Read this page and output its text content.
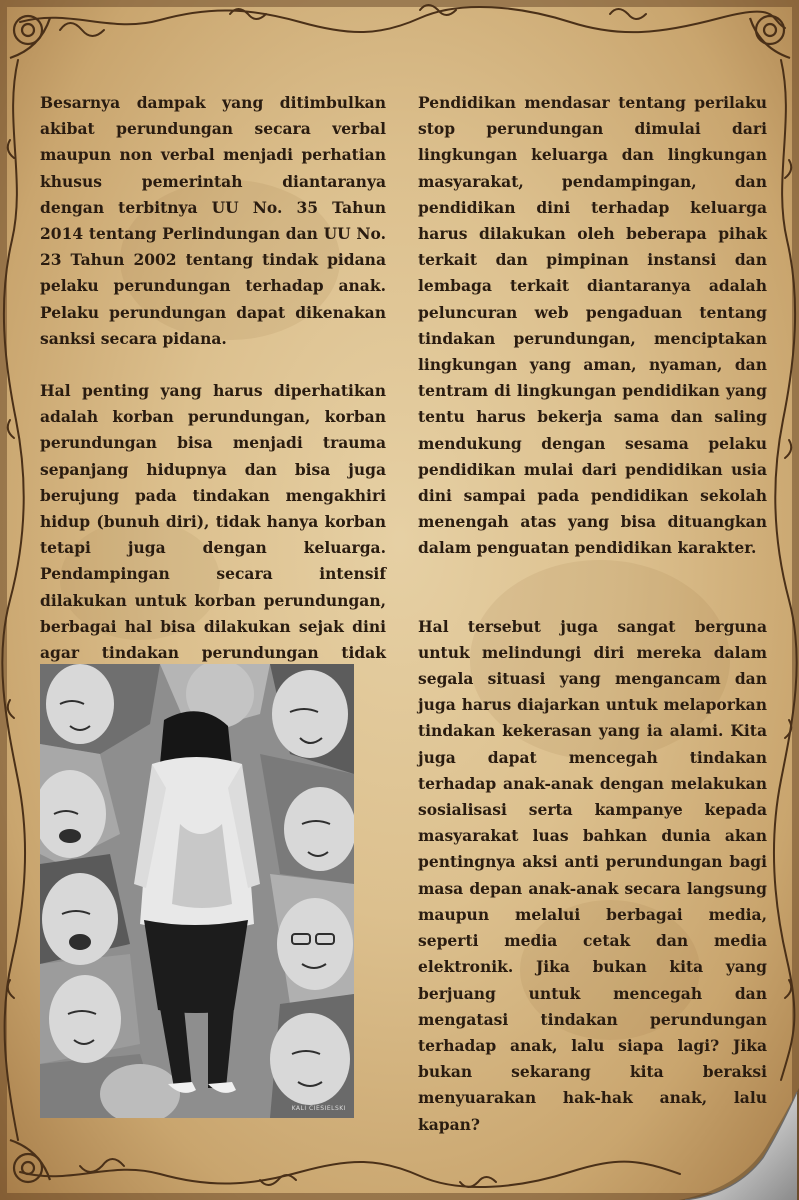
Besarnya dampak yang ditimbulkan akibat perundungan secara verbal maupun non verbal menjadi perhatian khusus pemerintah diantaranya dengan terbitnya UU No. 35 Tahun 2014 tentang Perlindungan dan UU No. 23 Tahun 2002 tentang tindak pidana pelaku perundungan terhadap anak. Pelaku perundungan dapat dikenakan sanksi secara pidana.

Hal penting yang harus diperhatikan adalah korban perundungan, korban perundungan bisa menjadi trauma sepanjang hidupnya dan bisa juga berujung pada tindakan mengakhiri hidup (bunuh diri), tidak hanya korban tetapi juga dengan keluarga. Pendampingan secara intensif dilakukan untuk korban perundungan, berbagai hal bisa dilakukan sejak dini agar tindakan perundungan tidak

Pendidikan mendasar tentang perilaku stop perundungan dimulai dari lingkungan keluarga dan lingkungan masyarakat, pendampingan, dan pendidikan dini terhadap keluarga harus dilakukan oleh beberapa pihak terkait dan pimpinan instansi dan lembaga terkait diantaranya adalah peluncuran web pengaduan tentang tindakan perundungan, menciptakan lingkungan yang aman, nyaman, dan tentram di lingkungan pendidikan yang tentu harus bekerja sama dan saling mendukung dengan sesama pelaku pendidikan mulai dari pendidikan usia dini sampai pada pendidikan sekolah menengah atas yang bisa dituangkan dalam penguatan pendidikan karakter.

Hal tersebut juga sangat berguna untuk melindungi diri mereka dalam segala situasi yang mengancam dan juga harus diajarkan untuk melaporkan tindakan kekerasan yang ia alami. Kita juga dapat mencegah tindakan terhadap anak-anak dengan melakukan sosialisasi serta kampanye kepada masyarakat luas bahkan dunia akan pentingnya aksi anti perundungan bagi masa depan anak-anak secara langsung maupun melalui berbagai media, seperti media cetak dan media elektronik. Jika bukan kita yang berjuang untuk mencegah dan mengatasi tindakan perundungan terhadap anak, lalu siapa lagi? Jika bukan sekarang kita beraksi menyuarakan hak-hak anak, lalu kapan?

KALI CIESIELSKI
